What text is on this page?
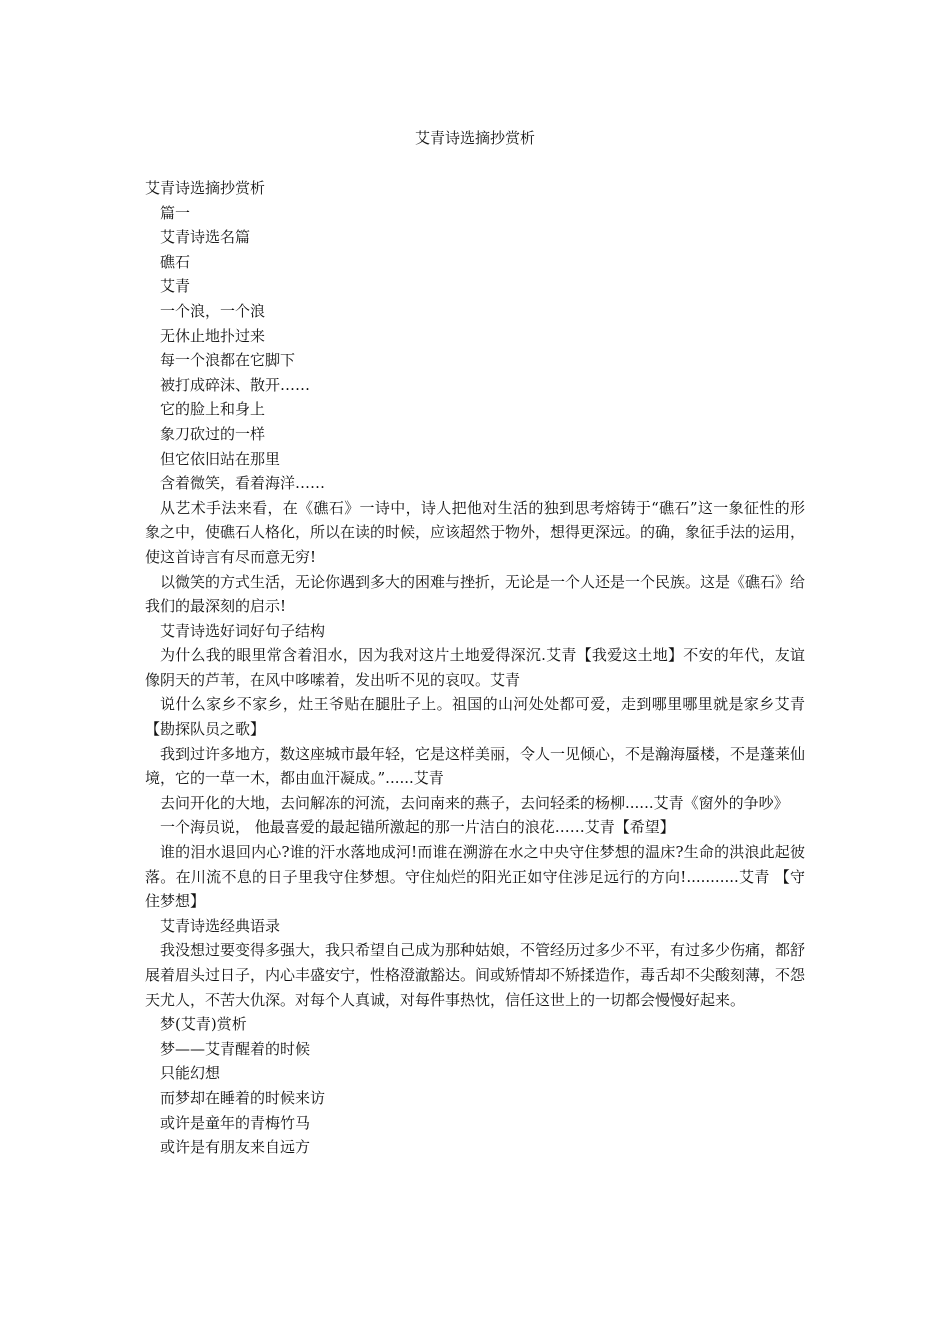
艾青诗选摘抄赏析

艾青诗选摘抄赏析

篇一

艾青诗选名篇

礁石

艾青

一个浪，一个浪

无休止地扑过来

每一个浪都在它脚下

被打成碎沫、散开……

它的脸上和身上

象刀砍过的一样

但它依旧站在那里

含着微笑，看着海洋……

从艺术手法来看，在《礁石》一诗中，诗人把他对生活的独到思考熔铸于“礁石”这一象征性的形象之中，使礁石人格化，所以在读的时候，应该超然于物外，想得更深远。的确，象征手法的运用，使这首诗言有尽而意无穷!

以微笑的方式生活，无论你遇到多大的困难与挫折，无论是一个人还是一个民族。这是《礁石》给我们的最深刻的启示!

艾青诗选好词好句子结构

为什么我的眼里常含着泪水，因为我对这片土地爱得深沉.艾青【我爱这土地】不安的年代，友谊像阴天的芦苇，在风中哆嗦着，发出听不见的哀叹。艾青

说什么家乡不家乡，灶王爷贴在腿肚子上。祖国的山河处处都可爱，走到哪里哪里就是家乡艾青【勘探队员之歌】

我到过许多地方，数这座城市最年轻，它是这样美丽，令人一见倾心，不是瀚海蜃楼，不是蓬莱仙境，它的一草一木，都由血汗凝成。”......艾青

去问开化的大地，去问解冻的河流，去问南来的燕子，去问轻柔的杨柳......艾青《窗外的争吵》

一个海员说， 他最喜爱的最起锚所激起的那一片洁白的浪花……艾青【希望】

谁的泪水退回内心?谁的汗水落地成河!而谁在溯游在水之中央守住梦想的温床?生命的洪浪此起彼落。在川流不息的日子里我守住梦想。守住灿烂的阳光正如守住涉足远行的方向!...........艾青 【守住梦想】

艾青诗选经典语录

我没想过要变得多强大，我只希望自己成为那种姑娘，不管经历过多少不平，有过多少伤痛，都舒展着眉头过日子，内心丰盛安宁，性格澄澈豁达。间或矫情却不矫揉造作，毒舌却不尖酸刻薄，不怨天尤人，不苦大仇深。对每个人真诚，对每件事热忱，信任这世上的一切都会慢慢好起来。

梦(艾青)赏析

梦——艾青醒着的时候

只能幻想

而梦却在睡着的时候来访

或许是童年的青梅竹马

或许是有朋友来自远方
